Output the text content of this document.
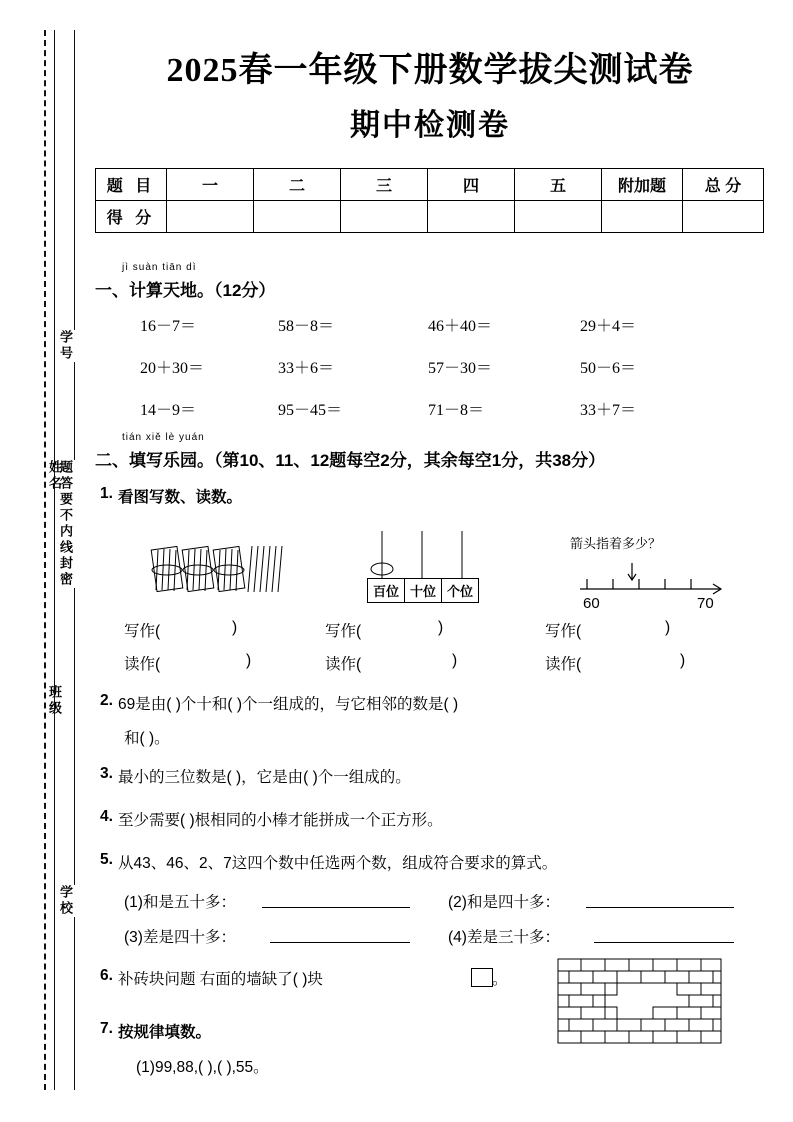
学号
题答要不内线封密
学校
姓名
班级
2025春一年级下册数学拔尖测试卷
期中检测卷
题 目	一	二	三	四	五	附加题	总 分
得 分							
jì suàn tiān dì
一、计算天地。（12分）
16－7＝	58－8＝	46＋40＝	29＋4＝
20＋30＝	33＋6＝	57－30＝	50－6＝
14－9＝	95－45＝	71－8＝	33＋7＝
tián xiě lè yuán
二、填写乐园。（第10、11、12题每空2分，其余每空1分，共38分）
1. 看图写数、读数。
百位 十位 个位
箭头指着多少？
60	70
写作(	)	写作(	)	写作(	)
读作(	)	读作(	)	读作(	)
2. 69是由( )个十和( )个一组成的，与它相邻的数是( )
和( )。
3. 最小的三位数是( )，它是由( )个一组成的。
4. 至少需要( )根相同的小棒才能拼成一个正方形。
5. 从43、46、2、7这四个数中任选两个数，组成符合要求的算式。
(1)和是五十多：	(2)和是四十多：
(3)差是四十多：	(4)差是三十多：
6. 补砖块问题 右面的墙缺了( )块	。
7. 按规律填数。
(1)99,88,( ),( ),55。
